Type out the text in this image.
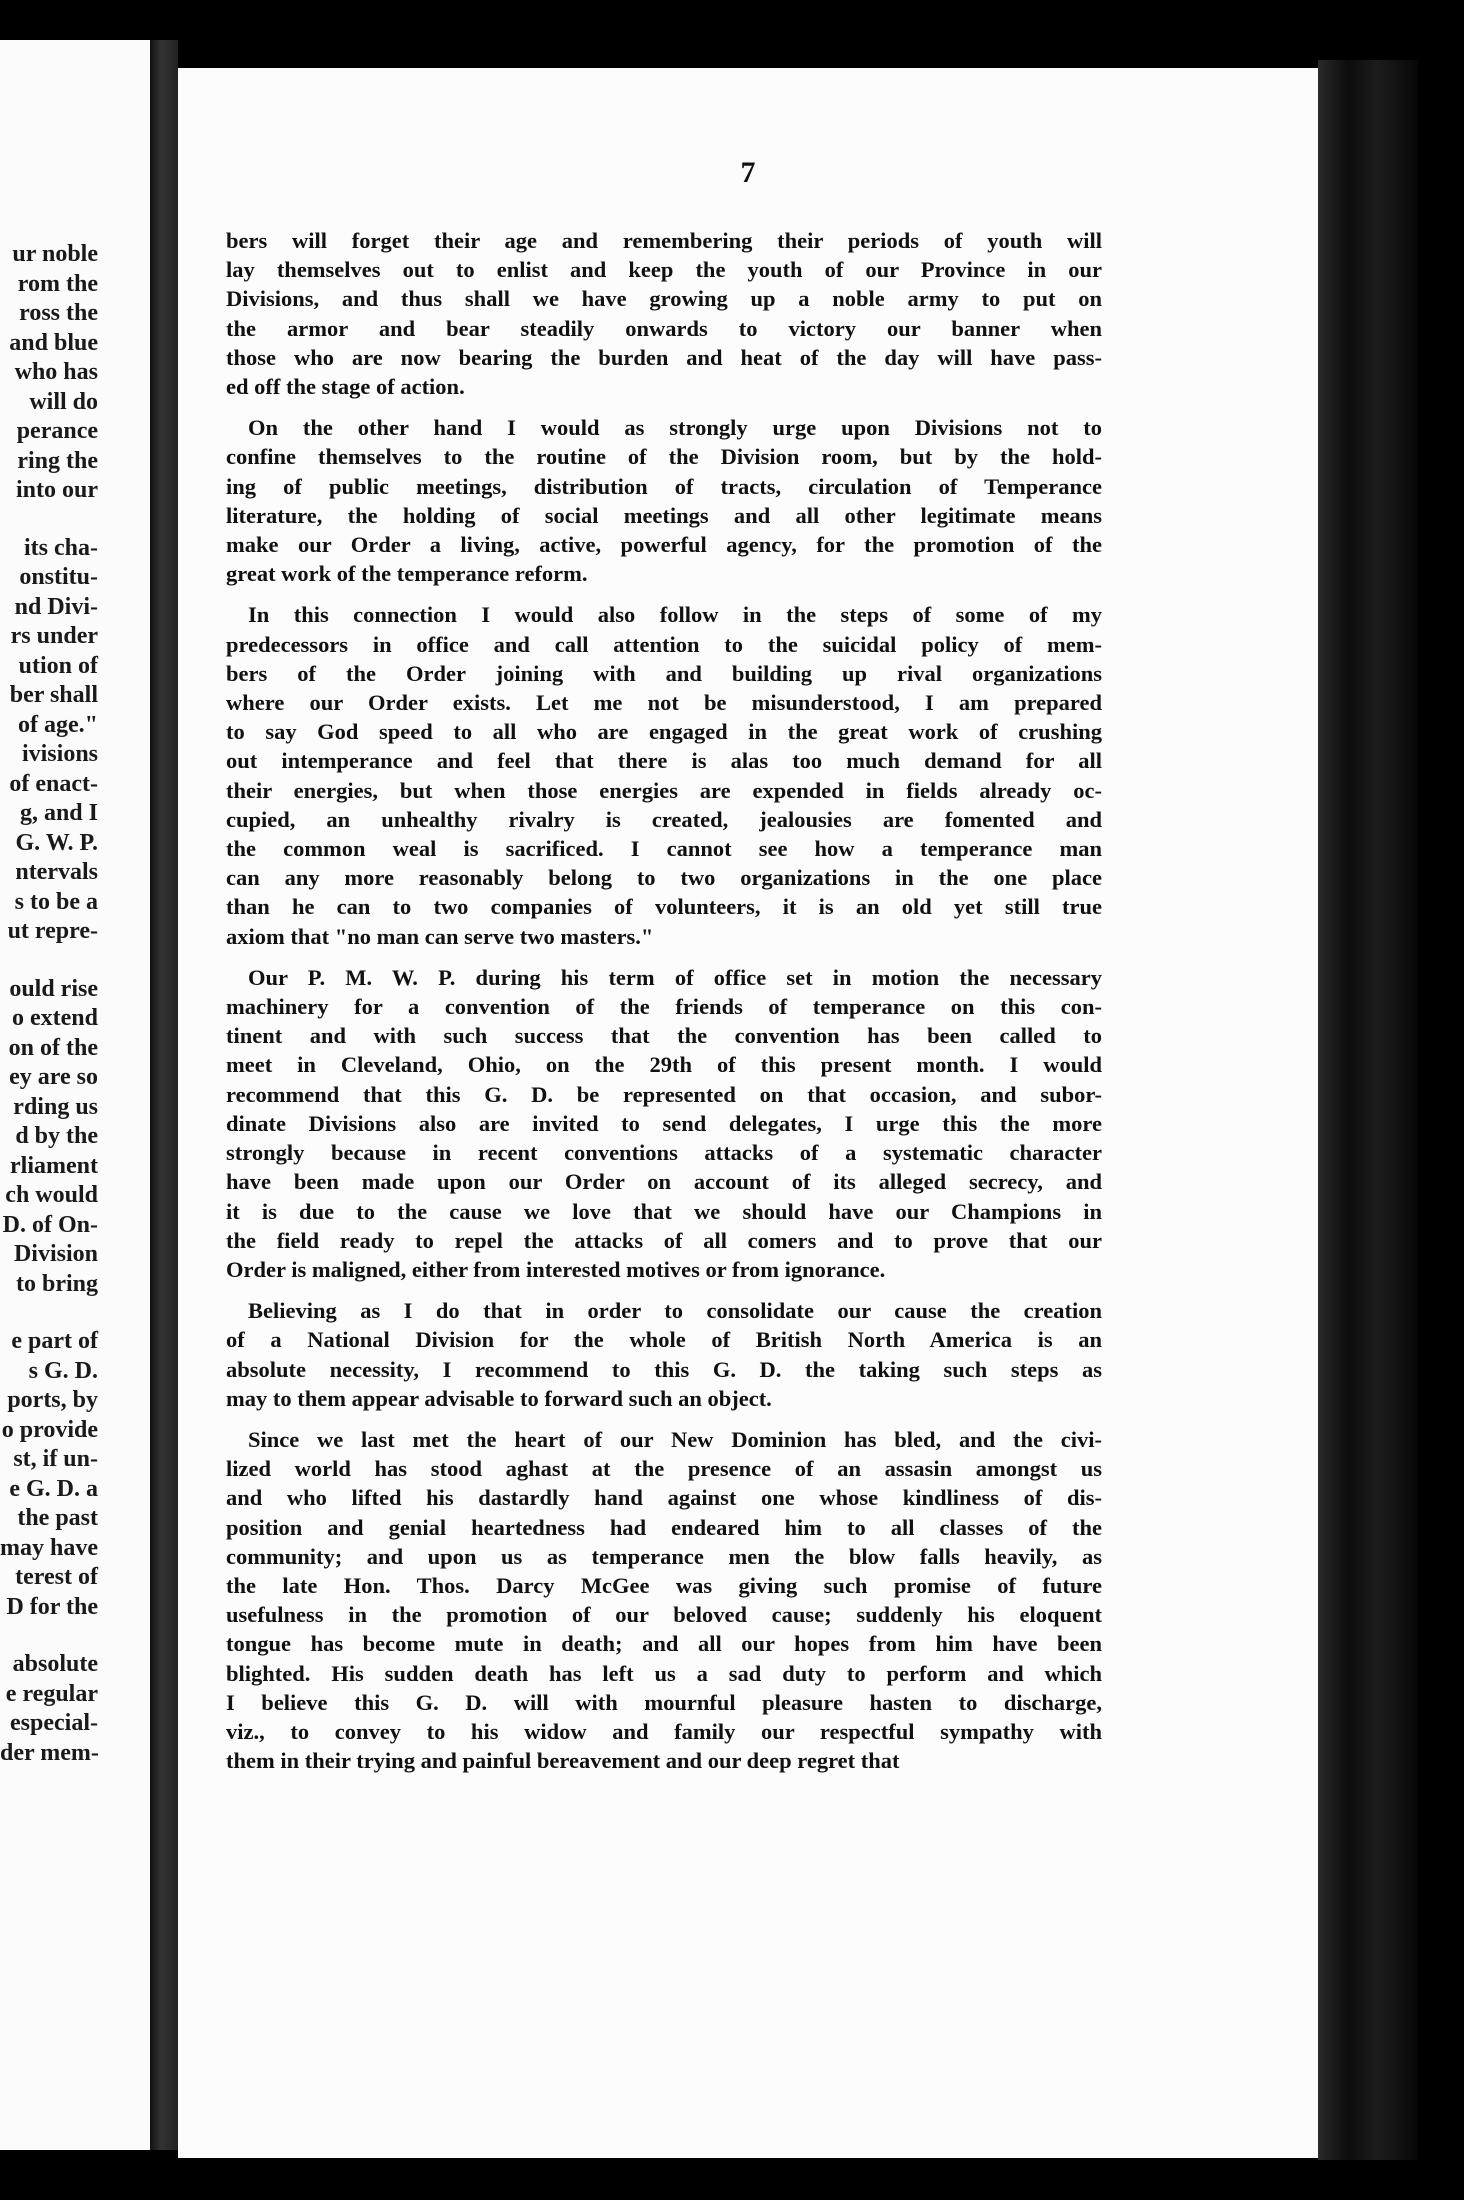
ur noble
rom the
ross the
and blue
who has
will do
perance
ring the
into our
its cha-
onstitu-
nd Divi-
rs under
ution of
ber shall
of age."
ivisions
of enact-
g, and I
G. W. P.
ntervals
s to be a
ut repre-
ould rise
o extend
on of the
ey are so
rding us
d by the
rliament
ch would
D. of On-
Division
to bring
e part of
s G. D.
ports, by
o provide
st, if un-
e G. D. a
the past
may have
terest of
D for the
absolute
e regular
especial-
der mem-
7
bers will forget their age and remembering their periods of youth will
lay themselves out to enlist and keep the youth of our Province in our
Divisions, and thus shall we have growing up a noble army to put on
the armor and bear steadily onwards to victory our banner when
those who are now bearing the burden and heat of the day will have pass-
ed off the stage of action.
On the other hand I would as strongly urge upon Divisions not to
confine themselves to the routine of the Division room, but by the hold-
ing of public meetings, distribution of tracts, circulation of Temperance
literature, the holding of social meetings and all other legitimate means
make our Order a living, active, powerful agency, for the promotion of the
great work of the temperance reform.
In this connection I would also follow in the steps of some of my
predecessors in office and call attention to the suicidal policy of mem-
bers of the Order joining with and building up rival organizations
where our Order exists. Let me not be misunderstood, I am prepared
to say God speed to all who are engaged in the great work of crushing
out intemperance and feel that there is alas too much demand for all
their energies, but when those energies are expended in fields already oc-
cupied, an unhealthy rivalry is created, jealousies are fomented and
the common weal is sacrificed. I cannot see how a temperance man
can any more reasonably belong to two organizations in the one place
than he can to two companies of volunteers, it is an old yet still true
axiom that "no man can serve two masters."
Our P. M. W. P. during his term of office set in motion the necessary
machinery for a convention of the friends of temperance on this con-
tinent and with such success that the convention has been called to
meet in Cleveland, Ohio, on the 29th of this present month. I would
recommend that this G. D. be represented on that occasion, and subor-
dinate Divisions also are invited to send delegates, I urge this the more
strongly because in recent conventions attacks of a systematic character
have been made upon our Order on account of its alleged secrecy, and
it is due to the cause we love that we should have our Champions in
the field ready to repel the attacks of all comers and to prove that our
Order is maligned, either from interested motives or from ignorance.
Believing as I do that in order to consolidate our cause the creation
of a National Division for the whole of British North America is an
absolute necessity, I recommend to this G. D. the taking such steps as
may to them appear advisable to forward such an object.
Since we last met the heart of our New Dominion has bled, and the civi-
lized world has stood aghast at the presence of an assasin amongst us
and who lifted his dastardly hand against one whose kindliness of dis-
position and genial heartedness had endeared him to all classes of the
community; and upon us as temperance men the blow falls heavily, as
the late Hon. Thos. Darcy McGee was giving such promise of future
usefulness in the promotion of our beloved cause; suddenly his eloquent
tongue has become mute in death; and all our hopes from him have been
blighted. His sudden death has left us a sad duty to perform and which
I believe this G. D. will with mournful pleasure hasten to discharge,
viz., to convey to his widow and family our respectful sympathy with
them in their trying and painful bereavement and our deep regret that
